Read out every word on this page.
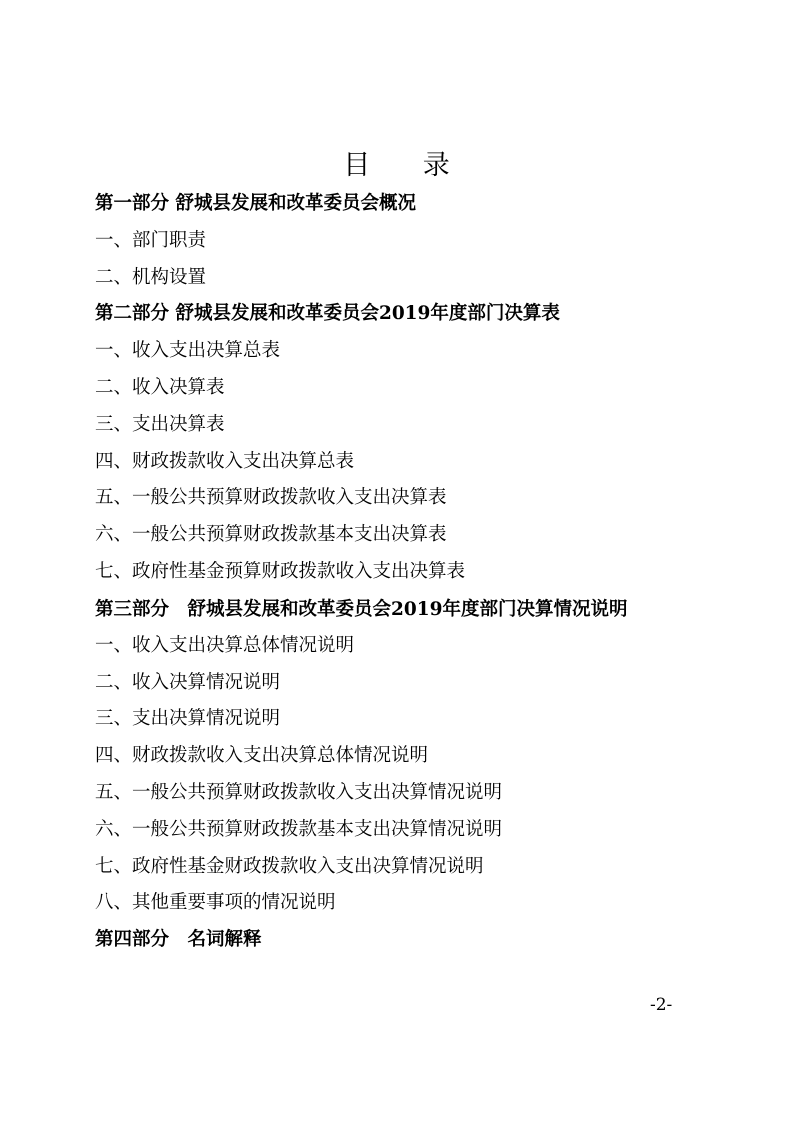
目 录
第一部分 舒城县发展和改革委员会概况
一、部门职责
二、机构设置
第二部分 舒城县发展和改革委员会2019年度部门决算表
一、收入支出决算总表
二、收入决算表
三、支出决算表
四、财政拨款收入支出决算总表
五、一般公共预算财政拨款收入支出决算表
六、一般公共预算财政拨款基本支出决算表
七、政府性基金预算财政拨款收入支出决算表
第三部分　舒城县发展和改革委员会2019年度部门决算情况说明
一、收入支出决算总体情况说明
二、收入决算情况说明
三、支出决算情况说明
四、财政拨款收入支出决算总体情况说明
五、一般公共预算财政拨款收入支出决算情况说明
六、一般公共预算财政拨款基本支出决算情况说明
七、政府性基金财政拨款收入支出决算情况说明
八、其他重要事项的情况说明
第四部分　名词解释
-2-
